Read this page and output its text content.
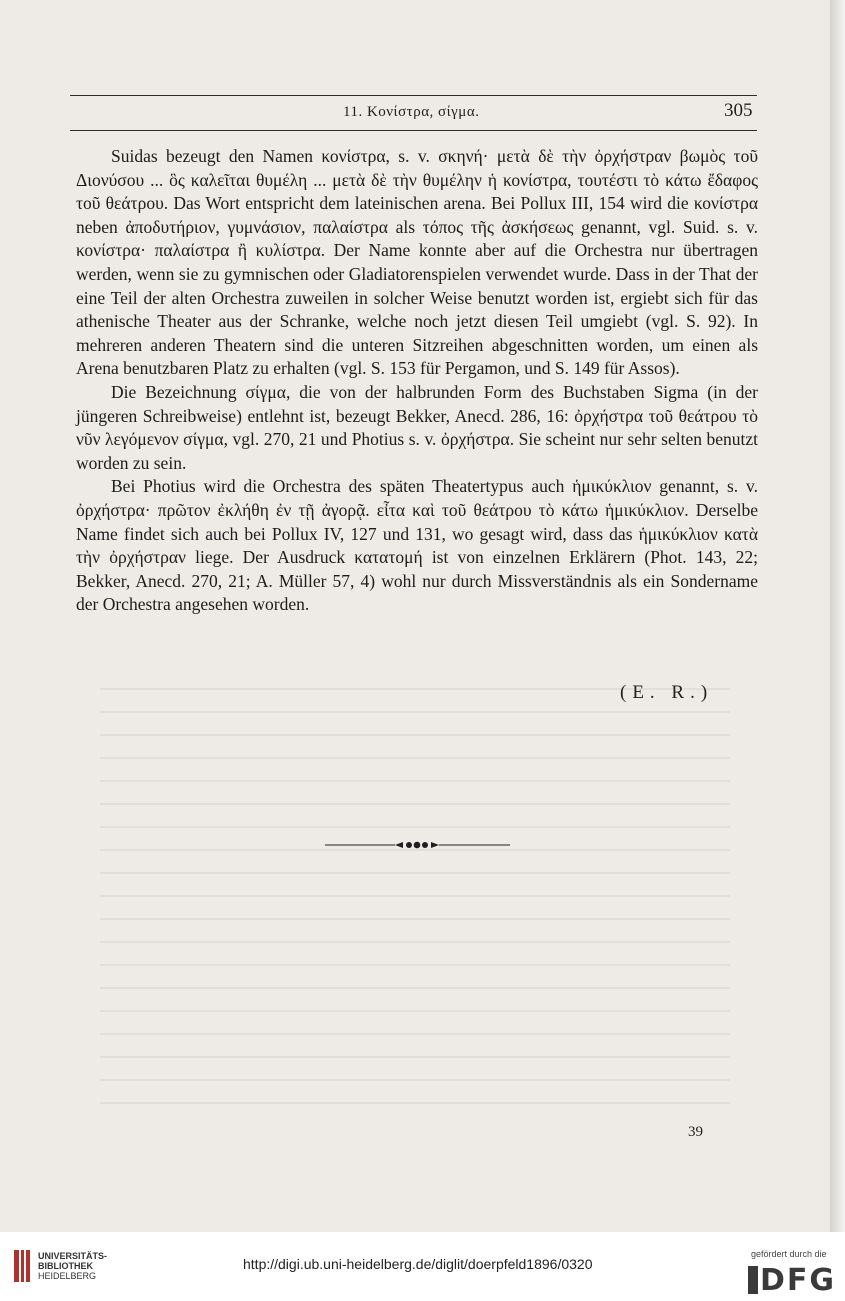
11. Κονίστρα, σίγμα.	305

Suidas bezeugt den Namen κονίστρα, s. v. σκηνή· μετὰ δὲ τὴν ὀρχήστραν βωμὸς τοῦ Διονύσου ... ὃς καλεῖται θυμέλη ... μετὰ δὲ τὴν θυμέλην ἡ κονίστρα, τουτέστι τὸ κάτω ἔδαφος τοῦ θεάτρου. Das Wort entspricht dem lateinischen arena. Bei Pollux III, 154 wird die κονίστρα neben ἀποδυτήριον, γυμνάσιον, παλαίστρα als τόπος τῆς ἀσκήσεως genannt, vgl. Suid. s. v. κονίστρα· παλαίστρα ἢ κυλίστρα. Der Name konnte aber auf die Orchestra nur übertragen werden, wenn sie zu gymnischen oder Gladiatorenspielen verwendet wurde. Dass in der That der eine Teil der alten Orchestra zuweilen in solcher Weise benutzt worden ist, ergiebt sich für das athenische Theater aus der Schranke, welche noch jetzt diesen Teil umgiebt (vgl. S. 92). In mehreren anderen Theatern sind die unteren Sitzreihen abgeschnitten worden, um einen als Arena benutzbaren Platz zu erhalten (vgl. S. 153 für Pergamon, und S. 149 für Assos).

Die Bezeichnung σίγμα, die von der halbrunden Form des Buchstaben Sigma (in der jüngeren Schreibweise) entlehnt ist, bezeugt Bekker, Anecd. 286, 16: ὀρχήστρα τοῦ θεάτρου τὸ νῦν λεγόμενον σίγμα, vgl. 270, 21 und Photius s. v. ὀρχήστρα. Sie scheint nur sehr selten benutzt worden zu sein.

Bei Photius wird die Orchestra des späten Theatertypus auch ἡμικύκλιον genannt, s. v. ὀρχήστρα· πρῶτον ἐκλήθη ἐν τῇ ἀγορᾷ. εἶτα καὶ τοῦ θεάτρου τὸ κάτω ἡμικύκλιον. Derselbe Name findet sich auch bei Pollux IV, 127 und 131, wo gesagt wird, dass das ἡμικύκλιον κατὰ τὴν ὀρχήστραν liege. Der Ausdruck κατατομή ist von einzelnen Erklärern (Phot. 143, 22; Bekker, Anecd. 270, 21; A. Müller 57, 4) wohl nur durch Missverständnis als ein Sondername der Orchestra angesehen worden.

(E. R.)
39
UNIVERSITÄTS-
BIBLIOTHEK
HEIDELBERG
http://digi.ub.uni-heidelberg.de/diglit/doerpfeld1896/0320
gefördert durch die
DFG
